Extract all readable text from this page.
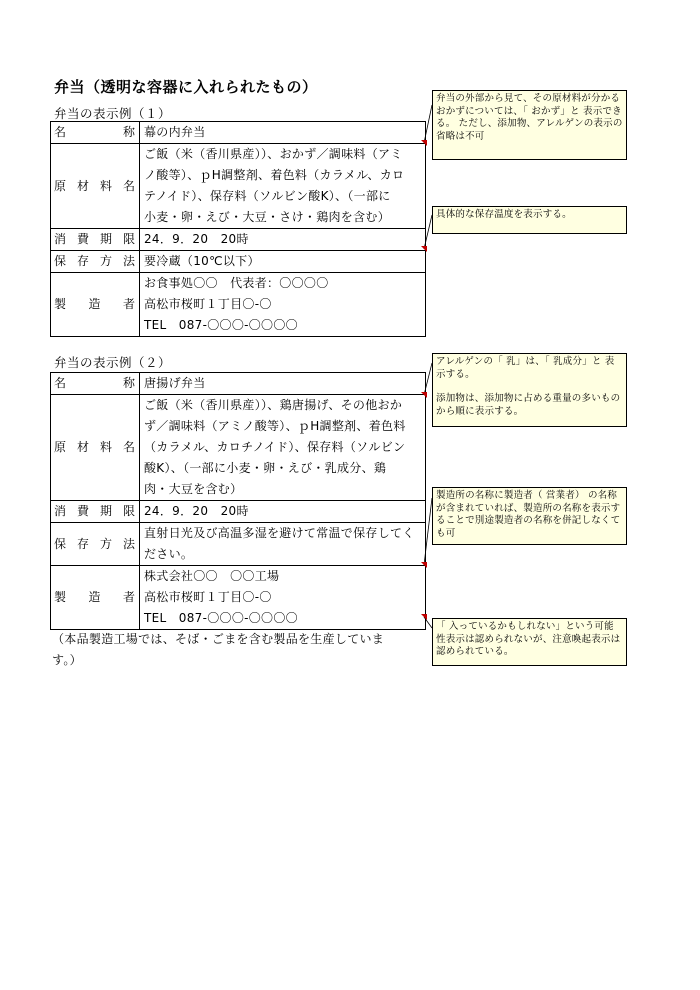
弁当（透明な容器に入れられたもの）
弁当の表示例（１）
名称	幕の内弁当

原材料名	ご飯（米（香川県産））、おかず／調味料（アミ
ノ酸等）、ｐH調整剤、着色料（カラメル、カロ
テノイド）、保存料（ソルビン酸K）、（一部に
小麦・卵・えび・大豆・さけ・鶏肉を含む）

消費期限	24．9．20　20時

保存方法	要冷蔵（10℃以下）

製造者	お食事処〇〇　代表者：〇〇〇〇
高松市桜町１丁目〇-〇
TEL　087-〇〇〇-〇〇〇〇
弁当の表示例（２）
名称	唐揚げ弁当

原材料名	ご飯（米（香川県産））、鶏唐揚げ、その他おか
ず／調味料（アミノ酸等）、ｐH調整剤、着色料
（カラメル、カロチノイド）、保存料（ソルビン
酸K）、（一部に小麦・卵・えび・乳成分、鶏
肉・大豆を含む）

消費期限	24．9．20　20時

保存方法	直射日光及び高温多湿を避けて常温で保存してく
ださい。

製造者	株式会社〇〇　〇〇工場
高松市桜町１丁目〇-〇
TEL　087-〇〇〇-〇〇〇〇
（本品製造工場では、そば・ごまを含む製品を生産していま す。）

弁当の外部から見て、その原材料が分かるおかずについては、「 おかず」と 表示できる。 ただし、添加物、アレルゲンの表示の省略は不可

具体的な保存温度を表示する。

アレルゲンの「 乳」は、「 乳成分」と 表示する。

添加物は、添加物に占める重量の多いものから順に表示する。

製造所の名称に製造者（ 営業者） の名称が含まれていれば、製造所の名称を表示することで別途製造者の名称を併記しなくても可

「 入っているかもしれない」という可能性表示は認められないが、注意喚起表示は認められている。
